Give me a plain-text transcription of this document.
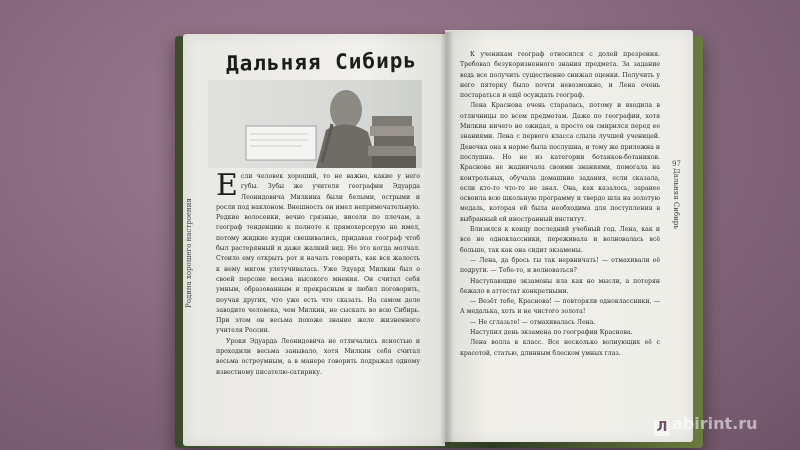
Дальняя Сибирь
Родина хорошего настроения	Дальняя Сибирь
97
Е сли человек хороший, то не важно, какие у него губы. Зубы же учителя географии Эдуарда Леонидовича Милкина были белыми, острыми и росли под наклоном. Внешность он имел непримечательную. Редкие волосенки, вечно грязные, висели по плечам, а географ тенденцию к полноте к прямохерсерую не имел, потому жидкие кудри свешивались, придавая географ чтоб был растерянный и даже жалкий вид. Но это когда молчал. Стоило ему открыть рот и начать говорить, как вся жалость к нему мигом улетучивалась. Уже Эдуард Милкин был о своей персоне весьма высокого мнения. Он считал себя умным, образованным и прекрасным и любил поговорить, поучая других, что уже есть что сказать. На самом деле заводите человека, чем Милкин, не сыскать во всю Сибирь. При этом он весьма похоже знание желе жизненного учителя России.

Уроки Эдуарда Леонидовича не отличались ясностью и проходили весьма занывало, хотя Милкин себя считал весьма остроумным, а в манере говорить подражал одному известному писателю-сатирику.

К ученикам географ относился с долей презрения. Требовал безукоризненного знания предмета. За задание ведь все получить существенно снижал оценки. Получить у него пятерку было почти невозможно, и Лена очень постараться и ещё осуждать географ.

Лена Краснова очень старалась, потому и входила в отличницы по всем предметам. Даже по географии, хотя Милкин ничего не ожидал, а просто он смирился перед ее знаниями. Лена с первого класса слыла лучшей ученицей. Девочка она в норме была послушна, и тому же прилежна и послушна. Но не из категории ботанков-ботаников. Краснова не жадничала своими знаниями, помогала на контрольных, обучала домашние задания, если сказала, если кто-то что-то не знал. Она, как казалось, заранее освоила всю школьную программу и твердо шла на золотую медаль, которая ей была необходима для поступления в выбранный ей иностранный институт.

Близился к концу последний учебный год. Лена, как и все не одноклассники, переживала и волновалась всё больше, так как она сидит экзамены.

— Лена, да брось ты так нервничать! — отмахивали её подруги. — Тебе-то, и волноваться?

Наступающие экзамены ила как но мысли, а потерян бежало в аттестат конкретными.

— Везёт тебе, Краснова! — повторяли одноклассники. — А медалька, хоть и не чистого золота!

— Не сглазьте! — отмахивалась Лена.

Наступил день экзамена по географии Краснова.

Лена волла в класс. Все несколько волнующих её с красотой, статью, длинным блеском умных глаз.

Л abirint.ru
